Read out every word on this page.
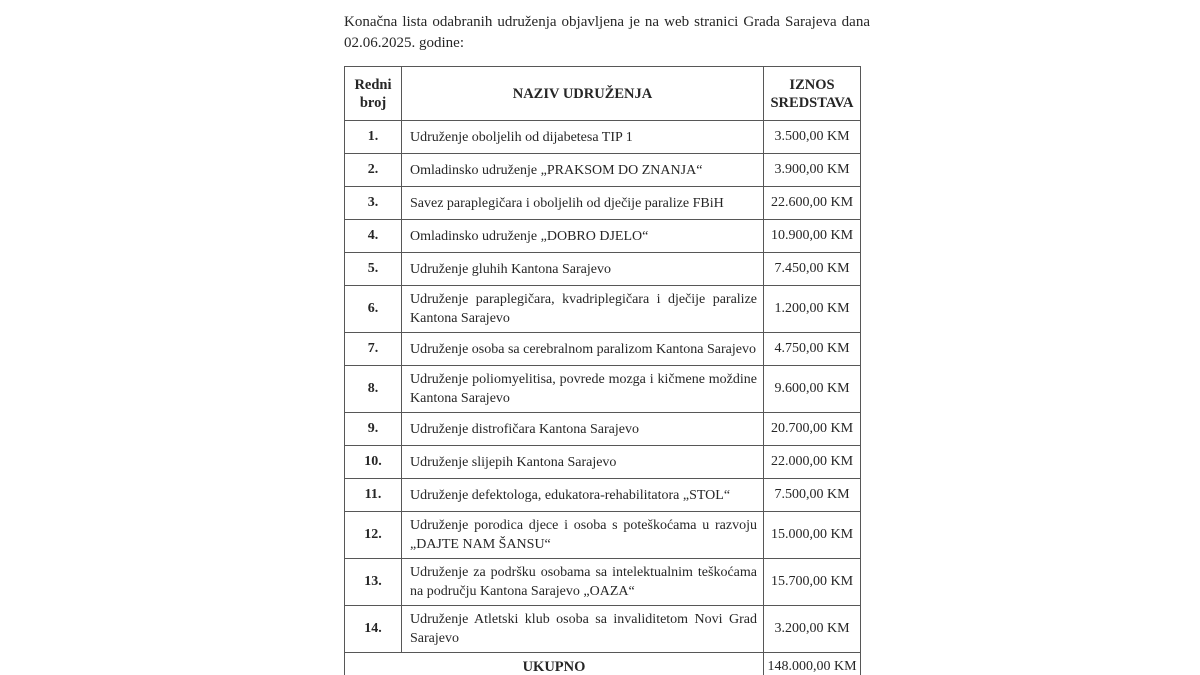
Konačna lista odabranih udruženja objavljena je na web stranici Grada Sarajeva dana
02.06.2025. godine:
Redni broj	NAZIV UDRUŽENJA	IZNOS SREDSTAVA
1.	Udruženje oboljelih od dijabetesa TIP 1	3.500,00 KM
2.	Omladinsko udruženje „PRAKSOM DO ZNANJA“	3.900,00 KM
3.	Savez paraplegičara i oboljelih od dječije paralize FBiH	22.600,00 KM
4.	Omladinsko udruženje „DOBRO DJELO“	10.900,00 KM
5.	Udruženje gluhih Kantona Sarajevo	7.450,00 KM
6.	Udruženje paraplegičara, kvadriplegičara i dječije paralize Kantona Sarajevo	1.200,00 KM
7.	Udruženje osoba sa cerebralnom paralizom Kantona Sarajevo	4.750,00 KM
8.	Udruženje poliomyelitisa, povrede mozga i kičmene moždine Kantona Sarajevo	9.600,00 KM
9.	Udruženje distrofičara Kantona Sarajevo	20.700,00 KM
10.	Udruženje slijepih Kantona Sarajevo	22.000,00 KM
11.	Udruženje defektologa, edukatora-rehabilitatora „STOL“	7.500,00 KM
12.	Udruženje porodica djece i osoba s poteškoćama u razvoju „DAJTE NAM ŠANSU“	15.000,00 KM
13.	Udruženje za podršku osobama sa intelektualnim teškoćama na području Kantona Sarajevo „OAZA“	15.700,00 KM
14.	Udruženje Atletski klub osoba sa invaliditetom Novi Grad Sarajevo	3.200,00 KM
UKUPNO		148.000,00 KM
